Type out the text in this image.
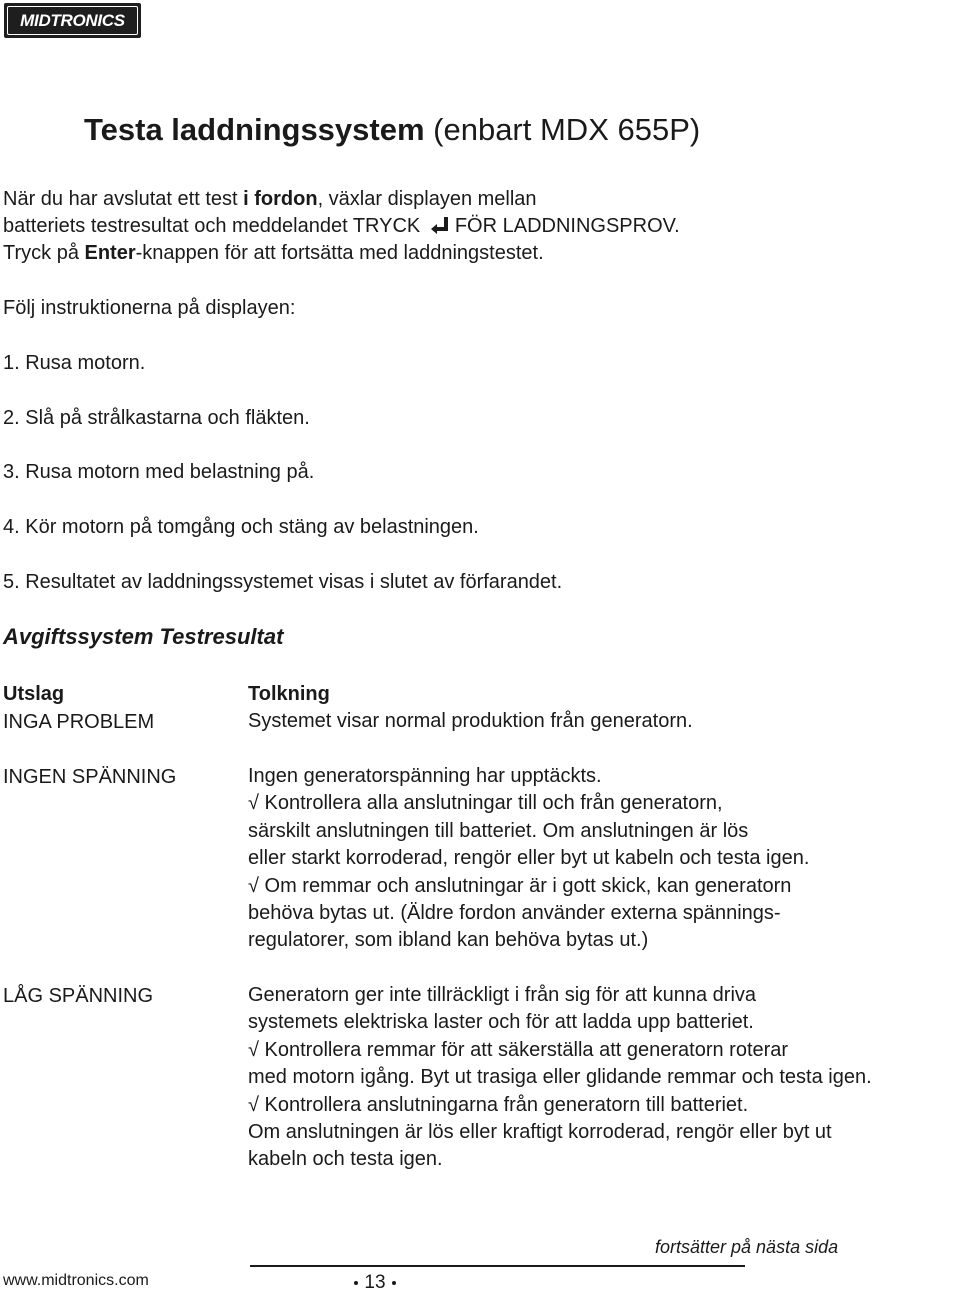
MIDTRONICS
Testa laddningssystem (enbart MDX 655P)

När du har avslutat ett test i fordon, växlar displayen mellan

batteriets testresultat och meddelandet TRYCK
FÖR LADDNINGSPROV.

Tryck på Enter-knappen för att fortsätta med laddningstestet.

Följ instruktionerna på displayen:

1. Rusa motorn.

2. Slå på strålkastarna och fläkten.

3. Rusa motorn med belastning på.

4. Kör motorn på tomgång och stäng av belastningen.

5. Resultatet av laddningssystemet visas i slutet av förfarandet.

Avgiftssystem Testresultat

Utslag	Tolkning

INGA PROBLEM	Systemet visar normal produktion från generatorn.

INGEN SPÄNNING	Ingen generatorspänning har upptäckts.
√ Kontrollera alla anslutningar till och från generatorn,
särskilt anslutningen till batteriet. Om anslutningen är lös
eller starkt korroderad, rengör eller byt ut kabeln och testa igen.
√ Om remmar och anslutningar är i gott skick, kan generatorn
behöva bytas ut. (Äldre fordon använder externa spännings-
regulatorer, som ibland kan behöva bytas ut.)

LÅG SPÄNNING	Generatorn ger inte tillräckligt i från sig för att kunna driva
systemets elektriska laster och för att ladda upp batteriet.
√ Kontrollera remmar för att säkerställa att generatorn roterar
med motorn igång. Byt ut trasiga eller glidande remmar och testa igen.
√ Kontrollera anslutningarna från generatorn till batteriet.
Om anslutningen är lös eller kraftigt korroderad, rengör eller byt ut
kabeln och testa igen.

fortsätter på nästa sida

www.midtronics.com	13
